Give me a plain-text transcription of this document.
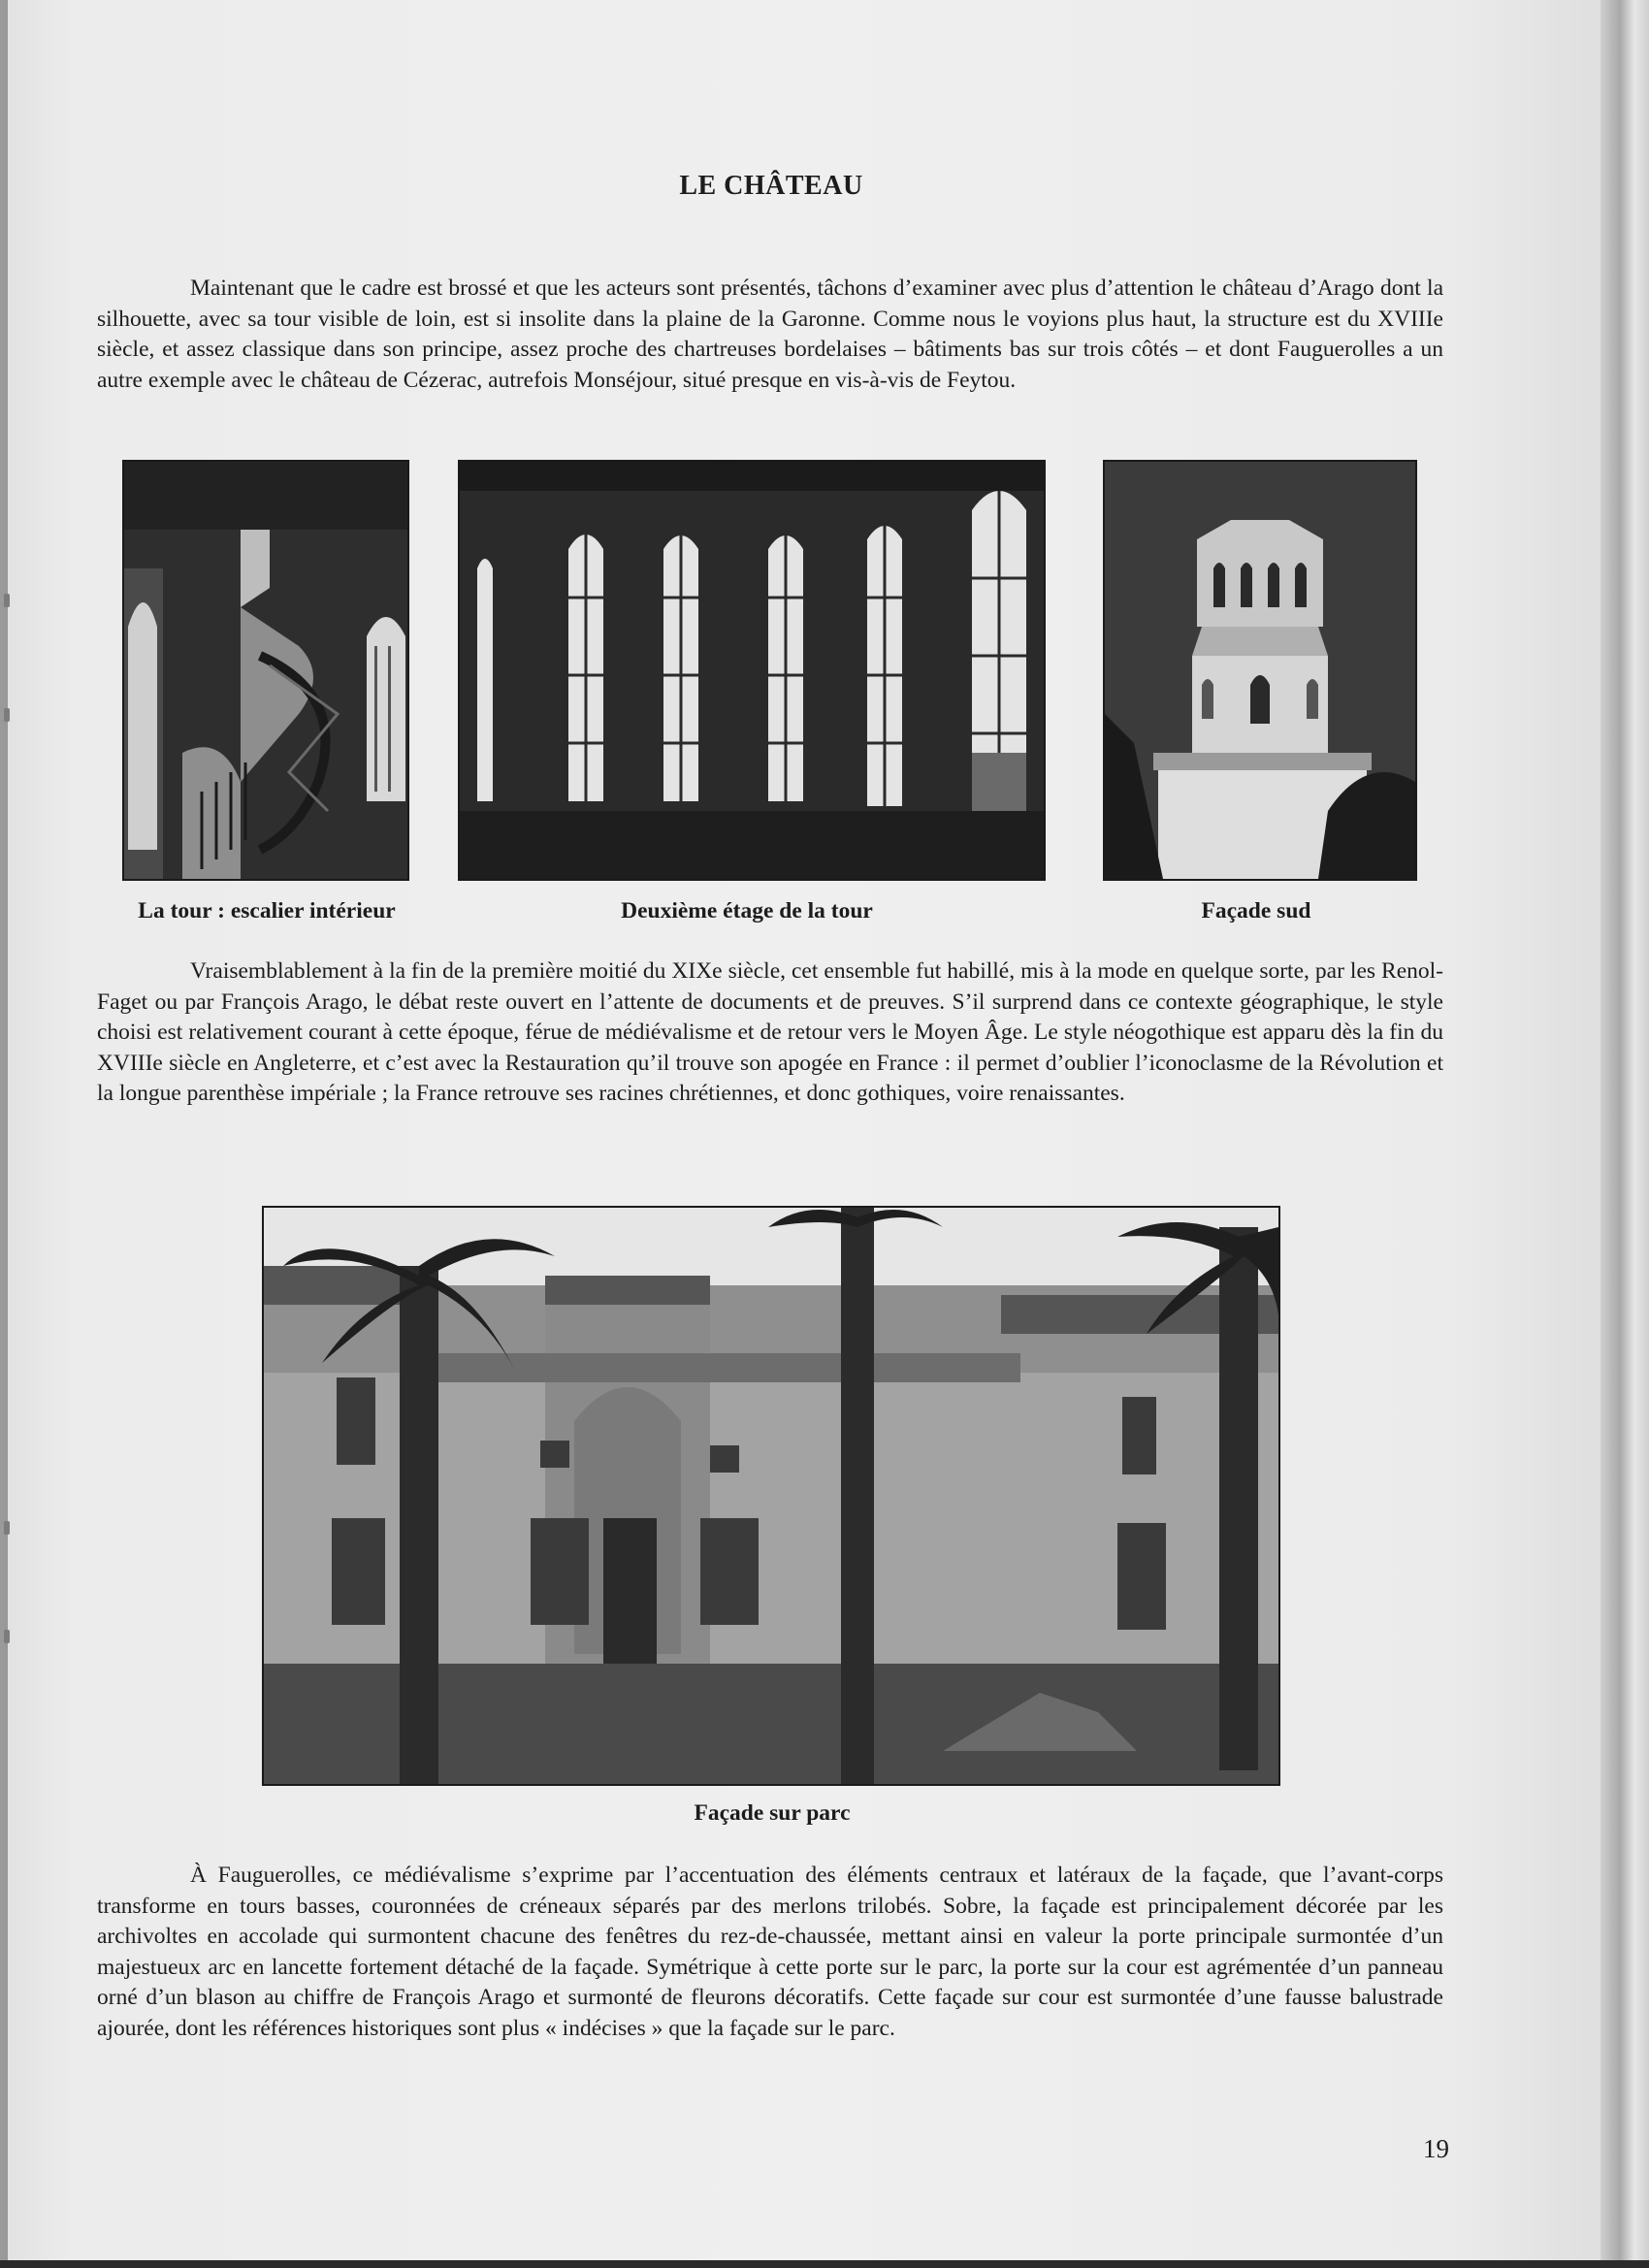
LE CHÂTEAU

Maintenant que le cadre est brossé et que les acteurs sont présentés, tâchons d’examiner avec plus d’attention le château d’Arago dont la silhouette, avec sa tour visible de loin, est si insolite dans la plaine de la Garonne. Comme nous le voyions plus haut, la structure est du XVIIIe siècle, et assez classique dans son principe, assez proche des chartreuses bordelaises – bâtiments bas sur trois côtés – et dont Fauguerolles a un autre exemple avec le château de Cézerac, autrefois Monséjour, situé presque en vis-à-vis de Feytou.

La tour : escalier intérieur	Deuxième étage de la tour	Façade sud

Vraisemblablement à la fin de la première moitié du XIXe siècle, cet ensemble fut habillé, mis à la mode en quelque sorte, par les Renol-Faget ou par François Arago, le débat reste ouvert en l’attente de documents et de preuves. S’il surprend dans ce contexte géographique, le style choisi est relativement courant à cette époque, férue de médiévalisme et de retour vers le Moyen Âge. Le style néogothique est apparu dès la fin du XVIIIe siècle en Angleterre, et c’est avec la Restauration qu’il trouve son apogée en France : il permet d’oublier l’iconoclasme de la Révolution et la longue parenthèse impériale ; la France retrouve ses racines chrétiennes, et donc gothiques, voire renaissantes.

Façade sur parc

À Fauguerolles, ce médiévalisme s’exprime par l’accentuation des éléments centraux et latéraux de la façade, que l’avant-corps transforme en tours basses, couronnées de créneaux séparés par des merlons trilobés. Sobre, la façade est principalement décorée par les archivoltes en accolade qui surmontent chacune des fenêtres du rez-de-chaussée, mettant ainsi en valeur la porte principale surmontée d’un majestueux arc en lancette fortement détaché de la façade. Symétrique à cette porte sur le parc, la porte sur la cour est agrémentée d’un panneau orné d’un blason au chiffre de François Arago et surmonté de fleurons décoratifs. Cette façade sur cour est surmontée d’une fausse balustrade ajourée, dont les références historiques sont plus « indécises » que la façade sur le parc.

19
